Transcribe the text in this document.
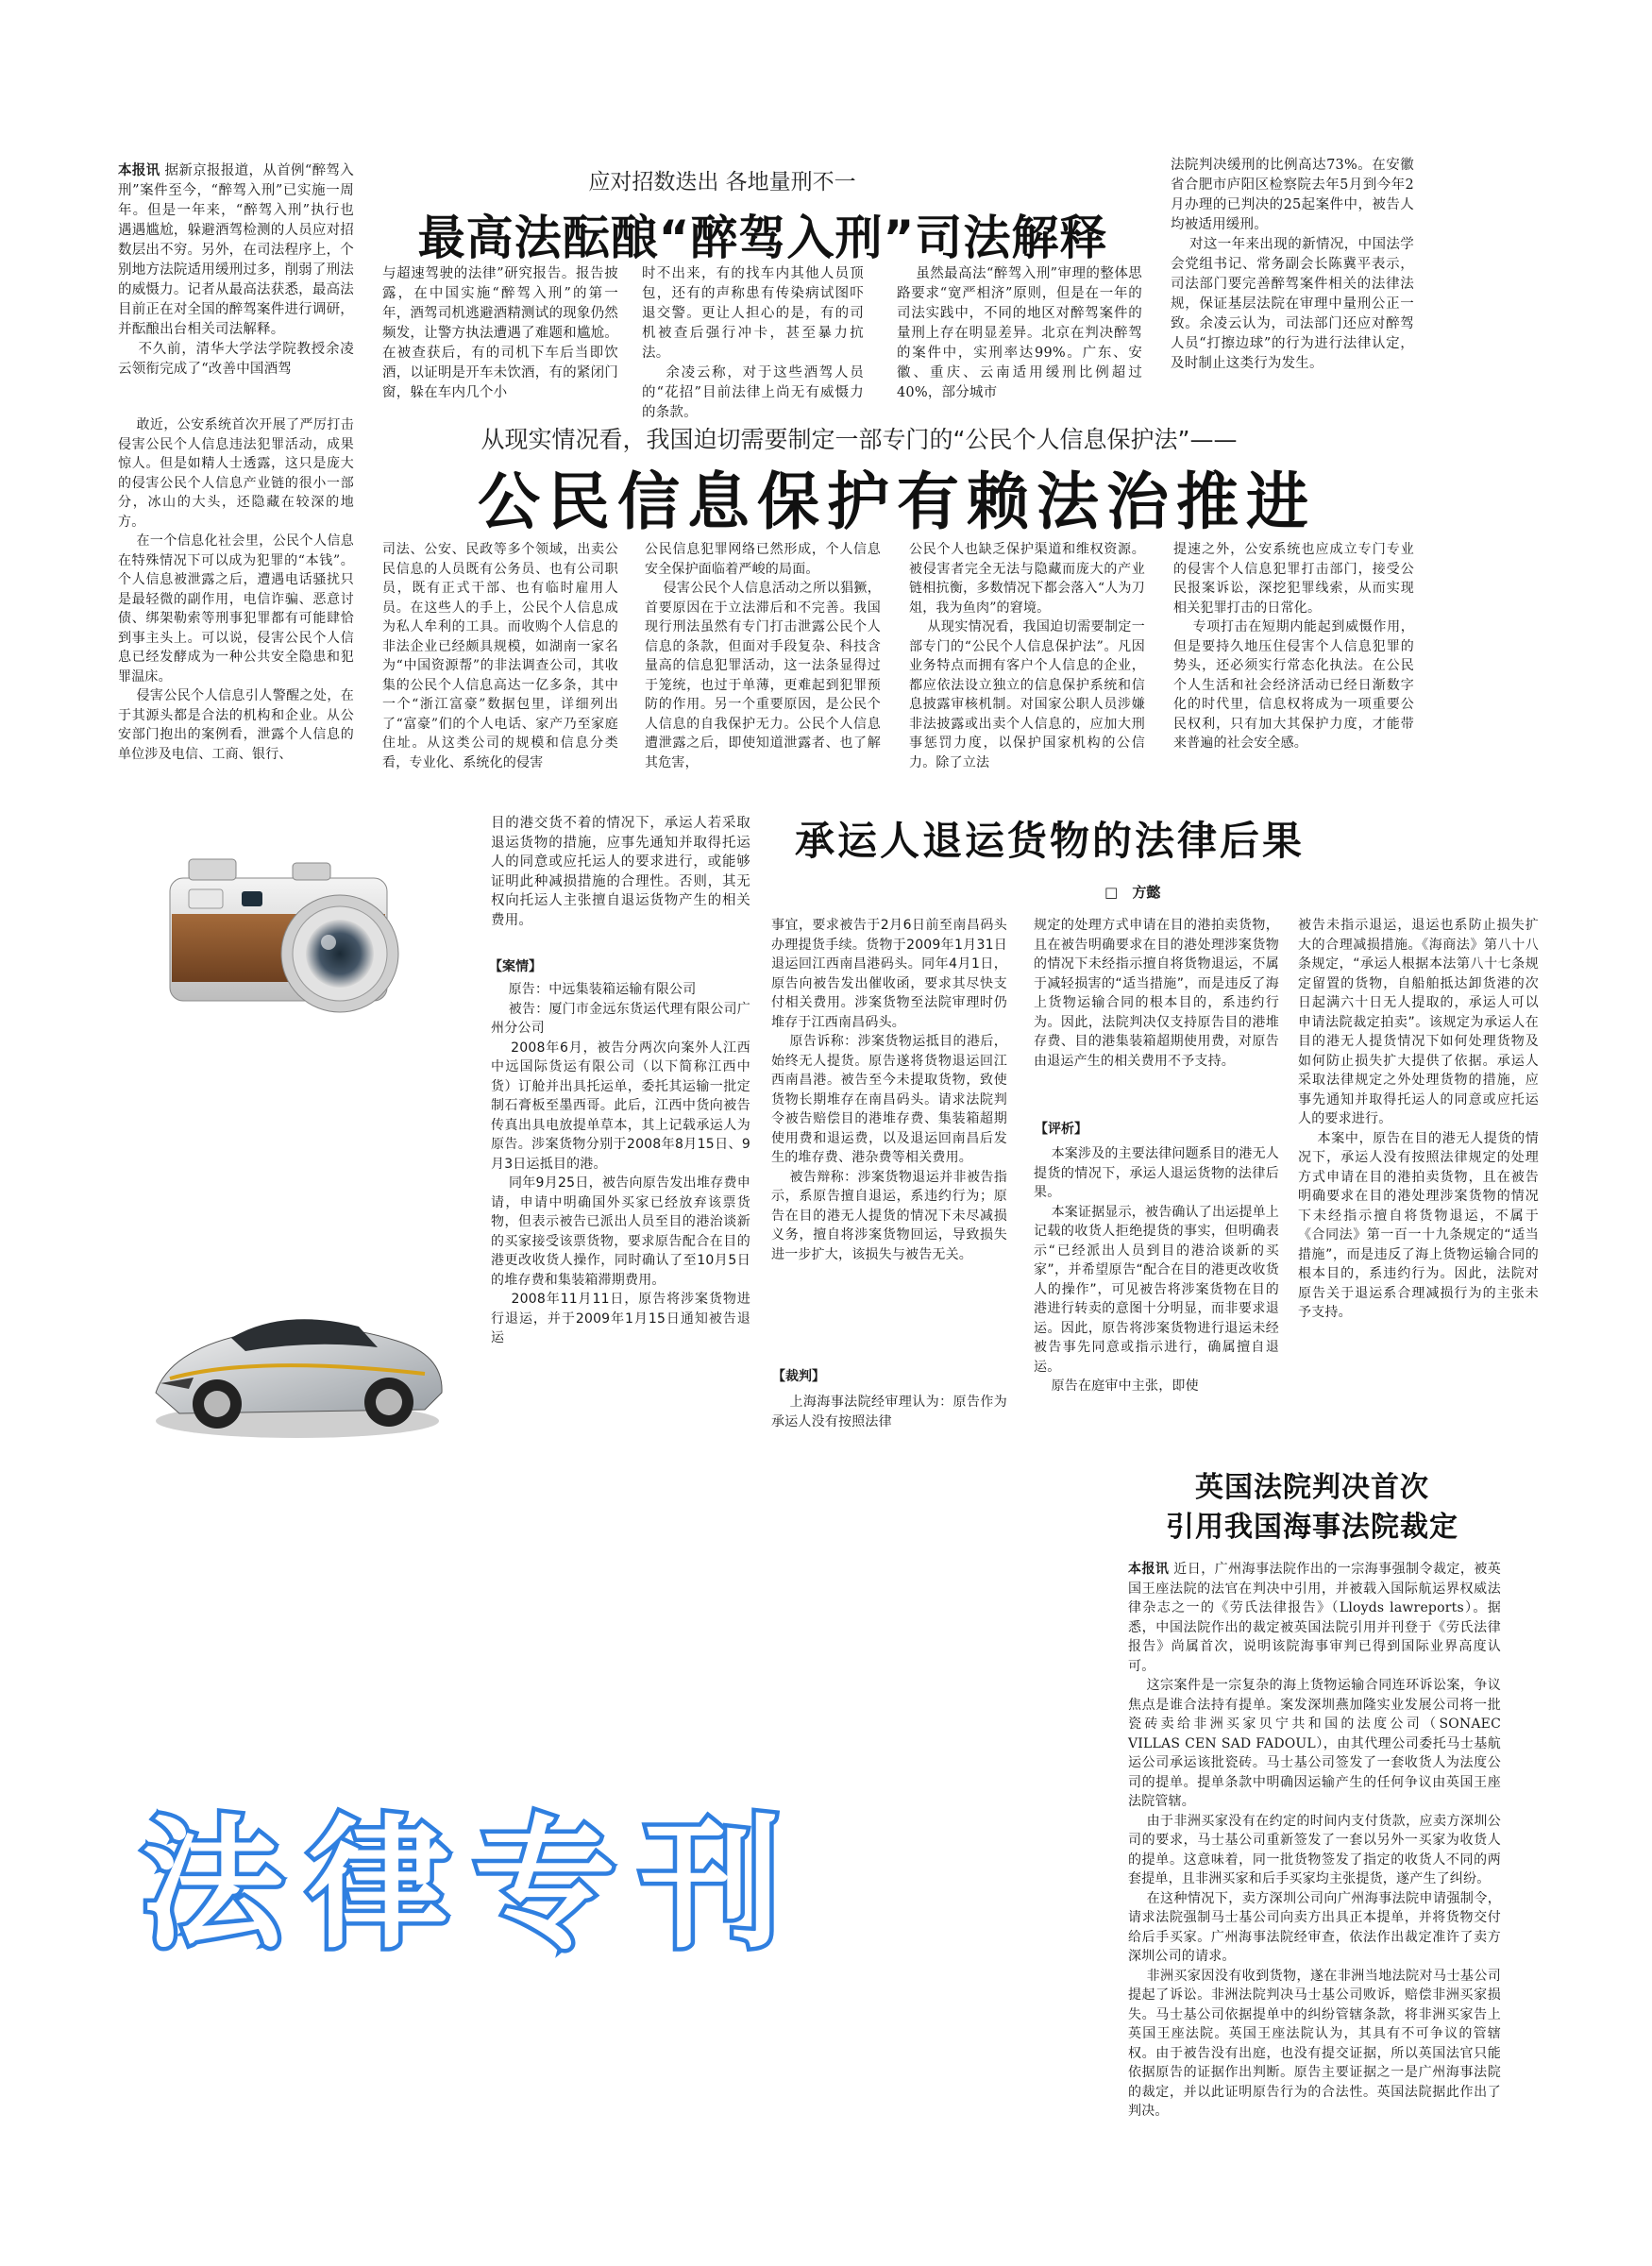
应对招数迭出 各地量刑不一
最高法酝酿“醉驾入刑”司法解释
本报讯 据新京报报道，从首例“醉驾入刑”案件至今，“醉驾入刑”已实施一周年。但是一年来，“醉驾入刑”执行也遇遇尴尬，躲避酒驾检测的人员应对招数层出不穷。另外，在司法程序上，个别地方法院适用缓刑过多，削弱了刑法的威慑力。记者从最高法获悉，最高法目前正在对全国的醉驾案件进行调研，并酝酿出台相关司法解释。
不久前，清华大学法学院教授余凌云领衔完成了“改善中国酒驾
与超速驾驶的法律”研究报告。报告披露，在中国实施“醉驾入刑”的第一年，酒驾司机逃避酒精测试的现象仍然频发，让警方执法遭遇了难题和尴尬。在被查获后，有的司机下车后当即饮酒，以证明是开车未饮酒，有的紧闭门窗，躲在车内几个小
时不出来，有的找车内其他人员顶包，还有的声称患有传染病试图吓退交警。更让人担心的是，有的司机被查后强行冲卡，甚至暴力抗法。
余凌云称，对于这些酒驾人员的“花招”目前法律上尚无有威慑力的条款。
虽然最高法“醉驾入刑”审理的整体思路要求“宽严相济”原则，但是在一年的司法实践中，不同的地区对醉驾案件的量刑上存在明显差异。北京在判决醉驾的案件中，实刑率达99%。广东、安徽、重庆、云南适用缓刑比例超过40%，部分城市
法院判决缓刑的比例高达73%。在安徽省合肥市庐阳区检察院去年5月到今年2月办理的已判决的25起案件中，被告人均被适用缓刑。
对这一年来出现的新情况，中国法学会党组书记、常务副会长陈冀平表示，司法部门要完善醉驾案件相关的法律法规，保证基层法院在审理中量刑公正一致。余凌云认为，司法部门还应对醉驾人员“打擦边球”的行为进行法律认定，及时制止这类行为发生。
从现实情况看，我国迫切需要制定一部专门的“公民个人信息保护法”——
公民信息保护有赖法治推进
敢近，公安系统首次开展了严厉打击侵害公民个人信息违法犯罪活动，成果惊人。但是如精人士透露，这只是庞大的侵害公民个人信息产业链的很小一部分，冰山的大头，还隐藏在较深的地方。
在一个信息化社会里，公民个人信息在特殊情况下可以成为犯罪的“本钱”。个人信息被泄露之后，遭遇电话骚扰只是最轻微的副作用，电信诈骗、恶意讨债、绑架勒索等刑事犯罪都有可能肆恰到事主头上。可以说，侵害公民个人信息已经发酵成为一种公共安全隐患和犯罪温床。
侵害公民个人信息引人警醒之处，在于其源头都是合法的机构和企业。从公安部门抱出的案例看，泄露个人信息的单位涉及电信、工商、银行、
司法、公安、民政等多个领域，出卖公民信息的人员既有公务员、也有公司职员，既有正式干部、也有临时雇用人员。在这些人的手上，公民个人信息成为私人牟利的工具。而收购个人信息的非法企业已经颇具规模，如湖南一家名为“中国资源帮”的非法调查公司，其收集的公民个人信息高达一亿多条，其中一个“浙江富豪”数据包里，详细列出了“富豪”们的个人电话、家产乃至家庭住址。从这类公司的规模和信息分类看，专业化、系统化的侵害
公民信息犯罪网络已然形成，个人信息安全保护面临着严峻的局面。
侵害公民个人信息活动之所以猖獗，首要原因在于立法滞后和不完善。我国现行刑法虽然有专门打击泄露公民个人信息的条款，但面对手段复杂、科技含量高的信息犯罪活动，这一法条显得过于笼统，也过于单薄，更难起到犯罪预防的作用。另一个重要原因，是公民个人信息的自我保护无力。公民个人信息遭泄露之后，即使知道泄露者、也了解其危害，
公民个人也缺乏保护渠道和维权资源。被侵害者完全无法与隐藏而庞大的产业链相抗衡，多数情况下都会落入“人为刀俎，我为鱼肉”的窘境。
从现实情况看，我国迫切需要制定一部专门的“公民个人信息保护法”。凡因业务特点而拥有客户个人信息的企业，都应依法设立独立的信息保护系统和信息披露审核机制。对国家公职人员涉嫌非法披露或出卖个人信息的，应加大刑事惩罚力度，以保护国家机构的公信力。除了立法
提速之外，公安系统也应成立专门专业的侵害个人信息犯罪打击部门，接受公民报案诉讼，深挖犯罪线索，从而实现相关犯罪打击的日常化。
专项打击在短期内能起到威慑作用，但是要持久地压住侵害个人信息犯罪的势头，还必须实行常态化执法。在公民个人生活和社会经济活动已经日渐数字化的时代里，信息权将成为一项重要公民权利，只有加大其保护力度，才能带来普遍的社会安全感。
承运人退运货物的法律后果
□ 方懿
目的港交货不着的情况下，承运人若采取退运货物的措施，应事先通知并取得托运人的同意或应托运人的要求进行，或能够证明此种减损措施的合理性。否则，其无权向托运人主张擅自退运货物产生的相关费用。
【案情】
原告：中远集装箱运输有限公司
被告：厦门市金远东货运代理有限公司广州分公司
2008年6月，被告分两次向案外人江西中远国际货运有限公司（以下简称江西中货）订舱并出具托运单，委托其运输一批定制石膏板至墨西哥。此后，江西中货向被告传真出具电放提单草本，其上记载承运人为原告。涉案货物分别于2008年8月15日、9月3日运抵目的港。
同年9月25日，被告向原告发出堆存费申请，申请中明确国外买家已经放弃该票货物，但表示被告已派出人员至目的港治谈新的买家接受该票货物，要求原告配合在目的港更改收货人操作，同时确认了至10月5日的堆存费和集装箱滞期费用。
2008年11月11日，原告将涉案货物进行退运，并于2009年1月15日通知被告退运
事宜，要求被告于2月6日前至南昌码头办理提货手续。货物于2009年1月31日退运回江西南昌港码头。同年4月1日，原告向被告发出催收函，要求其尽快支付相关费用。涉案货物至法院审理时仍堆存于江西南昌码头。
原告诉称：涉案货物运抵目的港后，始终无人提货。原告遂将货物退运回江西南昌港。被告至今未提取货物，致使货物长期堆存在南昌码头。请求法院判令被告赔偿目的港堆存费、集装箱超期使用费和退运费，以及退运回南昌后发生的堆存费、港杂费等相关费用。
被告辩称：涉案货物退运并非被告指示，系原告擅自退运，系违约行为；原告在目的港无人提货的情况下未尽减损义务，擅自将涉案货物回运，导致损失进一步扩大，该损失与被告无关。
【裁判】
上海海事法院经审理认为：原告作为承运人没有按照法律
规定的处理方式申请在目的港拍卖货物，且在被告明确要求在目的港处理涉案货物的情况下未经指示擅自将货物退运，不属于减轻损害的“适当措施”，而是违反了海上货物运输合同的根本目的，系违约行为。因此，法院判决仅支持原告目的港堆存费、目的港集装箱超期使用费，对原告由退运产生的相关费用不予支持。
【评析】
本案涉及的主要法律问题系目的港无人提货的情况下，承运人退运货物的法律后果。
本案证据显示，被告确认了出运提单上记载的收货人拒绝提货的事实，但明确表示“已经派出人员到目的港洽谈新的买家”，并希望原告“配合在目的港更改收货人的操作”，可见被告将涉案货物在目的港进行转卖的意图十分明显，而非要求退运。因此，原告将涉案货物进行退运未经被告事先同意或指示进行，确属擅自退运。
原告在庭审中主张，即使
被告未指示退运，退运也系防止损失扩大的合理减损措施。《海商法》第八十八条规定，“承运人根据本法第八十七条规定留置的货物，自船舶抵达卸货港的次日起满六十日无人提取的，承运人可以申请法院裁定拍卖”。该规定为承运人在目的港无人提货情况下如何处理货物及如何防止损失扩大提供了依据。承运人采取法律规定之外处理货物的措施，应事先通知并取得托运人的同意或应托运人的要求进行。
本案中，原告在目的港无人提货的情况下，承运人没有按照法律规定的处理方式申请在目的港拍卖货物，且在被告明确要求在目的港处理涉案货物的情况下未经指示擅自将货物退运，不属于《合同法》第一百一十九条规定的“适当措施”，而是违反了海上货物运输合同的根本目的，系违约行为。因此，法院对原告关于退运系合理减损行为的主张未予支持。
英国法院判决首次
引用我国海事法院裁定
本报讯 近日，广州海事法院作出的一宗海事强制令裁定，被英国王座法院的法官在判决中引用，并被载入国际航运界权威法律杂志之一的《劳氏法律报告》（Lloyds lawreports）。据悉，中国法院作出的裁定被英国法院引用并刊登于《劳氏法律报告》尚属首次，说明该院海事审判已得到国际业界高度认可。
这宗案件是一宗复杂的海上货物运输合同连环诉讼案，争议焦点是谁合法持有提单。案发深圳燕加隆实业发展公司将一批瓷砖卖给非洲买家贝宁共和国的法度公司（SONAEC VILLAS CEN SAD FADOUL），由其代理公司委托马士基航运公司承运该批瓷砖。马士基公司签发了一套收货人为法度公司的提单。提单条款中明确因运输产生的任何争议由英国王座法院管辖。
由于非洲买家没有在约定的时间内支付货款，应卖方深圳公司的要求，马士基公司重新签发了一套以另外一买家为收货人的提单。这意味着，同一批货物签发了指定的收货人不同的两套提单，且非洲买家和后手买家均主张提货，遂产生了纠纷。
在这种情况下，卖方深圳公司向广州海事法院申请强制令，请求法院强制马士基公司向卖方出具正本提单，并将货物交付给后手买家。广州海事法院经审查，依法作出裁定准许了卖方深圳公司的请求。
非洲买家因没有收到货物，遂在非洲当地法院对马士基公司提起了诉讼。非洲法院判决马士基公司败诉，赔偿非洲买家损失。马士基公司依据提单中的纠纷管辖条款，将非洲买家告上英国王座法院。英国王座法院认为，其具有不可争议的管辖权。由于被告没有出庭，也没有提交证据，所以英国法官只能依据原告的证据作出判断。原告主要证据之一是广州海事法院的裁定，并以此证明原告行为的合法性。英国法院据此作出了判决。
法律专刊
